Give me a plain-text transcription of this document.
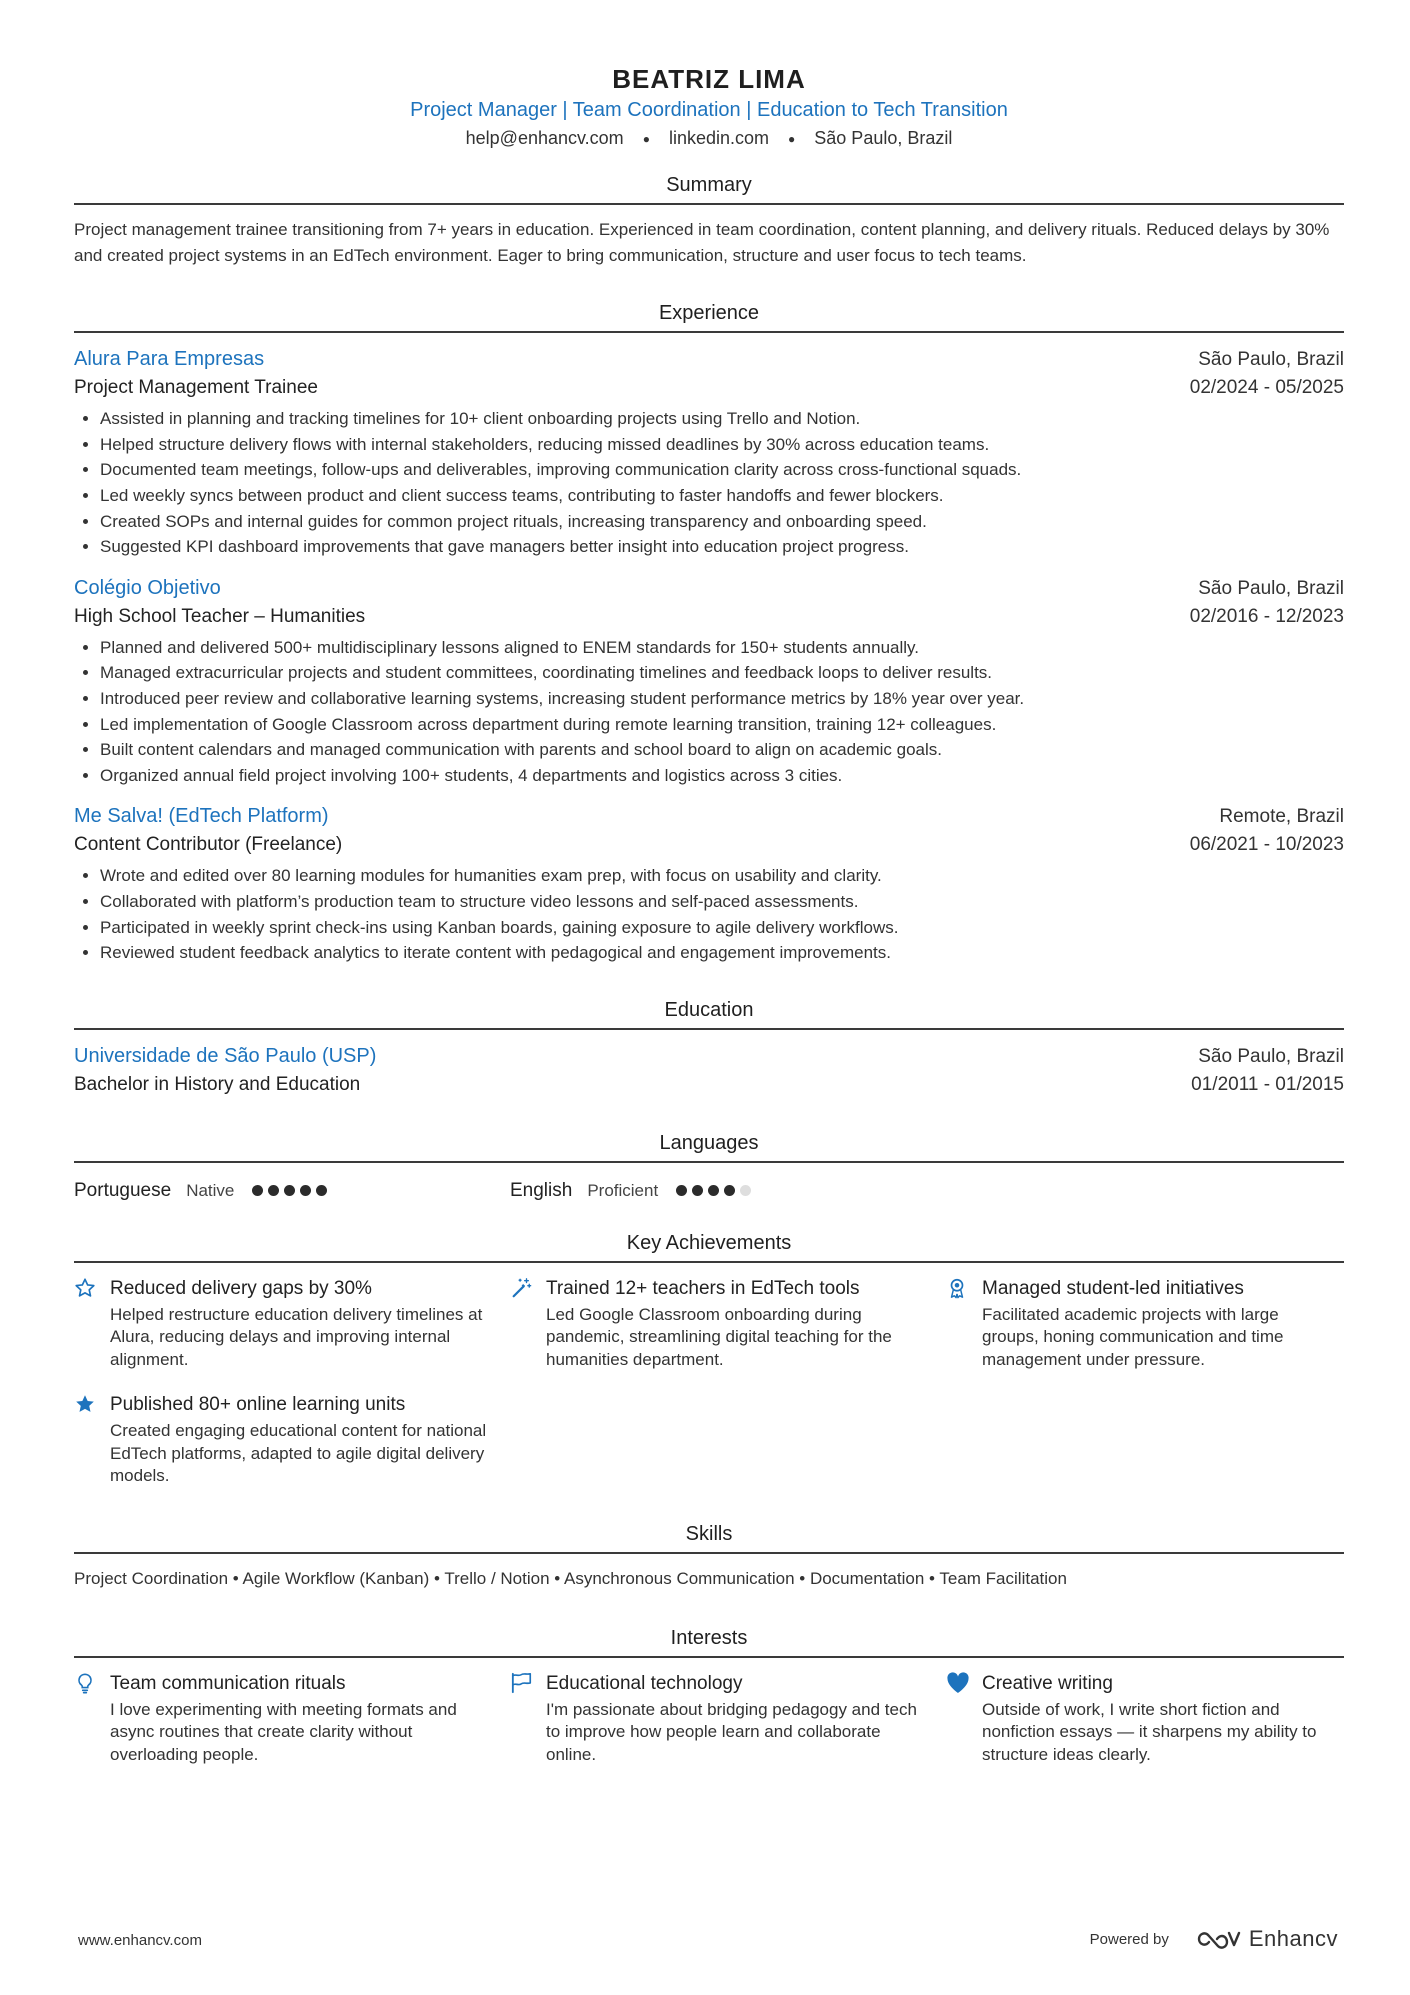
BEATRIZ LIMA
Project Manager | Team Coordination | Education to Tech Transition
help@enhancv.com ● linkedin.com ● São Paulo, Brazil
Summary
Project management trainee transitioning from 7+ years in education. Experienced in team coordination, content planning, and delivery rituals. Reduced delays by 30% and created project systems in an EdTech environment. Eager to bring communication, structure and user focus to tech teams.
Experience
Alura Para Empresas	São Paulo, Brazil
Project Management Trainee	02/2024 - 05/2025
• Assisted in planning and tracking timelines for 10+ client onboarding projects using Trello and Notion.
• Helped structure delivery flows with internal stakeholders, reducing missed deadlines by 30% across education teams.
• Documented team meetings, follow-ups and deliverables, improving communication clarity across cross-functional squads.
• Led weekly syncs between product and client success teams, contributing to faster handoffs and fewer blockers.
• Created SOPs and internal guides for common project rituals, increasing transparency and onboarding speed.
• Suggested KPI dashboard improvements that gave managers better insight into education project progress.
Colégio Objetivo	São Paulo, Brazil
High School Teacher – Humanities	02/2016 - 12/2023
• Planned and delivered 500+ multidisciplinary lessons aligned to ENEM standards for 150+ students annually.
• Managed extracurricular projects and student committees, coordinating timelines and feedback loops to deliver results.
• Introduced peer review and collaborative learning systems, increasing student performance metrics by 18% year over year.
• Led implementation of Google Classroom across department during remote learning transition, training 12+ colleagues.
• Built content calendars and managed communication with parents and school board to align on academic goals.
• Organized annual field project involving 100+ students, 4 departments and logistics across 3 cities.
Me Salva! (EdTech Platform)	Remote, Brazil
Content Contributor (Freelance)	06/2021 - 10/2023
• Wrote and edited over 80 learning modules for humanities exam prep, with focus on usability and clarity.
• Collaborated with platform’s production team to structure video lessons and self-paced assessments.
• Participated in weekly sprint check-ins using Kanban boards, gaining exposure to agile delivery workflows.
• Reviewed student feedback analytics to iterate content with pedagogical and engagement improvements.
Education
Universidade de São Paulo (USP)	São Paulo, Brazil
Bachelor in History and Education	01/2011 - 01/2015
Languages
Portuguese Native	English Proficient
Key Achievements
Reduced delivery gaps by 30%
Helped restructure education delivery timelines at Alura, reducing delays and improving internal alignment.
Trained 12+ teachers in EdTech tools
Led Google Classroom onboarding during pandemic, streamlining digital teaching for the humanities department.
Managed student-led initiatives
Facilitated academic projects with large groups, honing communication and time management under pressure.
Published 80+ online learning units
Created engaging educational content for national EdTech platforms, adapted to agile digital delivery models.
Skills
Project Coordination • Agile Workflow (Kanban) • Trello / Notion • Asynchronous Communication • Documentation • Team Facilitation
Interests
Team communication rituals
I love experimenting with meeting formats and async routines that create clarity without overloading people.
Educational technology
I'm passionate about bridging pedagogy and tech to improve how people learn and collaborate online.
Creative writing
Outside of work, I write short fiction and nonfiction essays — it sharpens my ability to structure ideas clearly.
www.enhancv.com	Powered by	Enhancv
